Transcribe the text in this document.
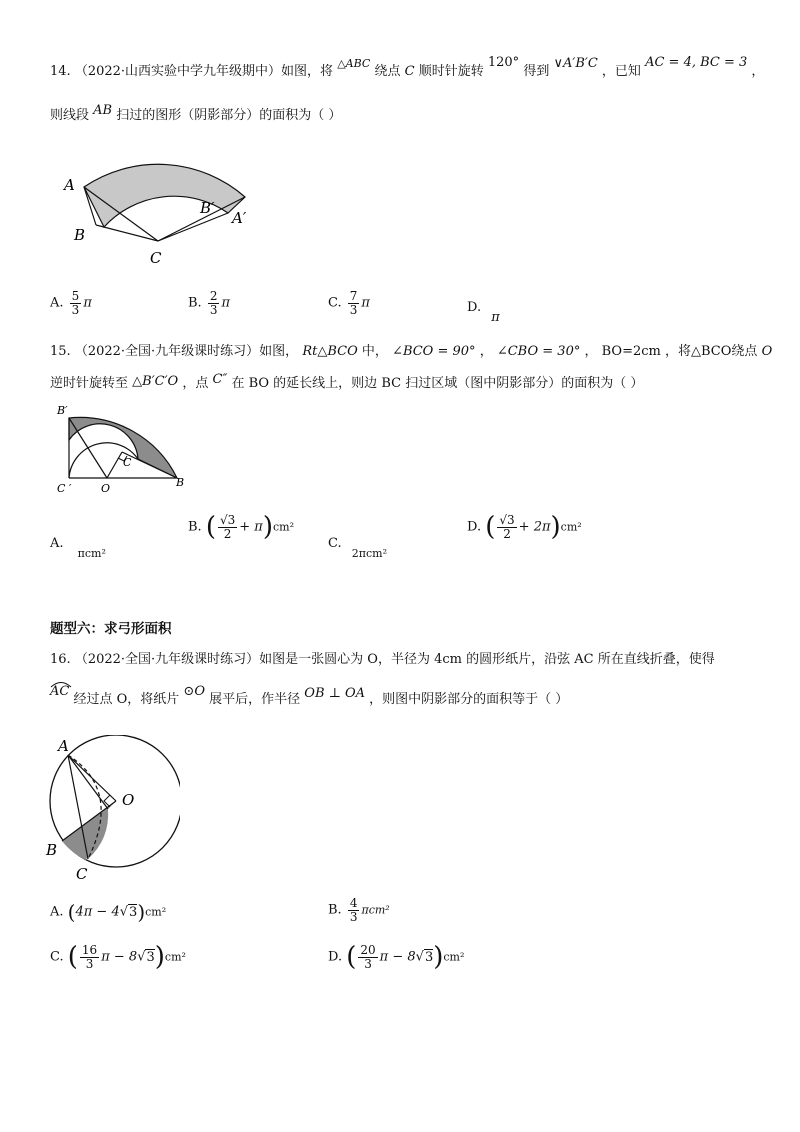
14. （2022·山西实验中学九年级期中）如图，将 $^{\triangle ABC}$ 绕点 C 顺时针旋转 120° 得到 ∨A′B′C ，已知 AC = 4, BC = 3 ，
则线段 AB 扫过的图形（阴影部分）的面积为（ ）
A
B
C
B′
A′
A. $\frac{5}{3}$ π	B. $\frac{2}{3}$ π	C. $\frac{7}{3}$ π	D. π
15. （2022·全国·九年级课时练习）如图， Rt△BCO 中， ∠BCO = 90° ， ∠CBO = 30° ， BO=2cm ，将△BCO绕点 O
逆时针旋转至 △B′C′O ，点 C″ 在 BO 的延长线上，则边 BC 扫过区域（图中阴影部分）的面积为（ ）
B′
C ′	O
C
B
A. $_{\pi cm^2}$
B. ( $\frac{√3}{2} + \pi)cm^2$
C. $_{2\pi cm^2}$
D. ( $\frac{√3}{2} + 2\pi)cm^2$
题型六：求弓形面积
16. （2022·全国·九年级课时练习）如图是一张圆心为 O，半径为 4cm 的圆形纸片，沿弦 AC 所在直线折叠，使得
AC 经过点 O，将纸片 ⊙O 展平后，作半径 OB ⊥ OA ，则图中阴影部分的面积等于（ ）
A
O
B
C
A. (4π − 4√3)cm²	B. $\frac{4}{3} \pi cm^2$
C. ( $\frac{16}{3}$ π − 8√3)cm²	D. ( $\frac{20}{3}$ π − 8√3)cm²
